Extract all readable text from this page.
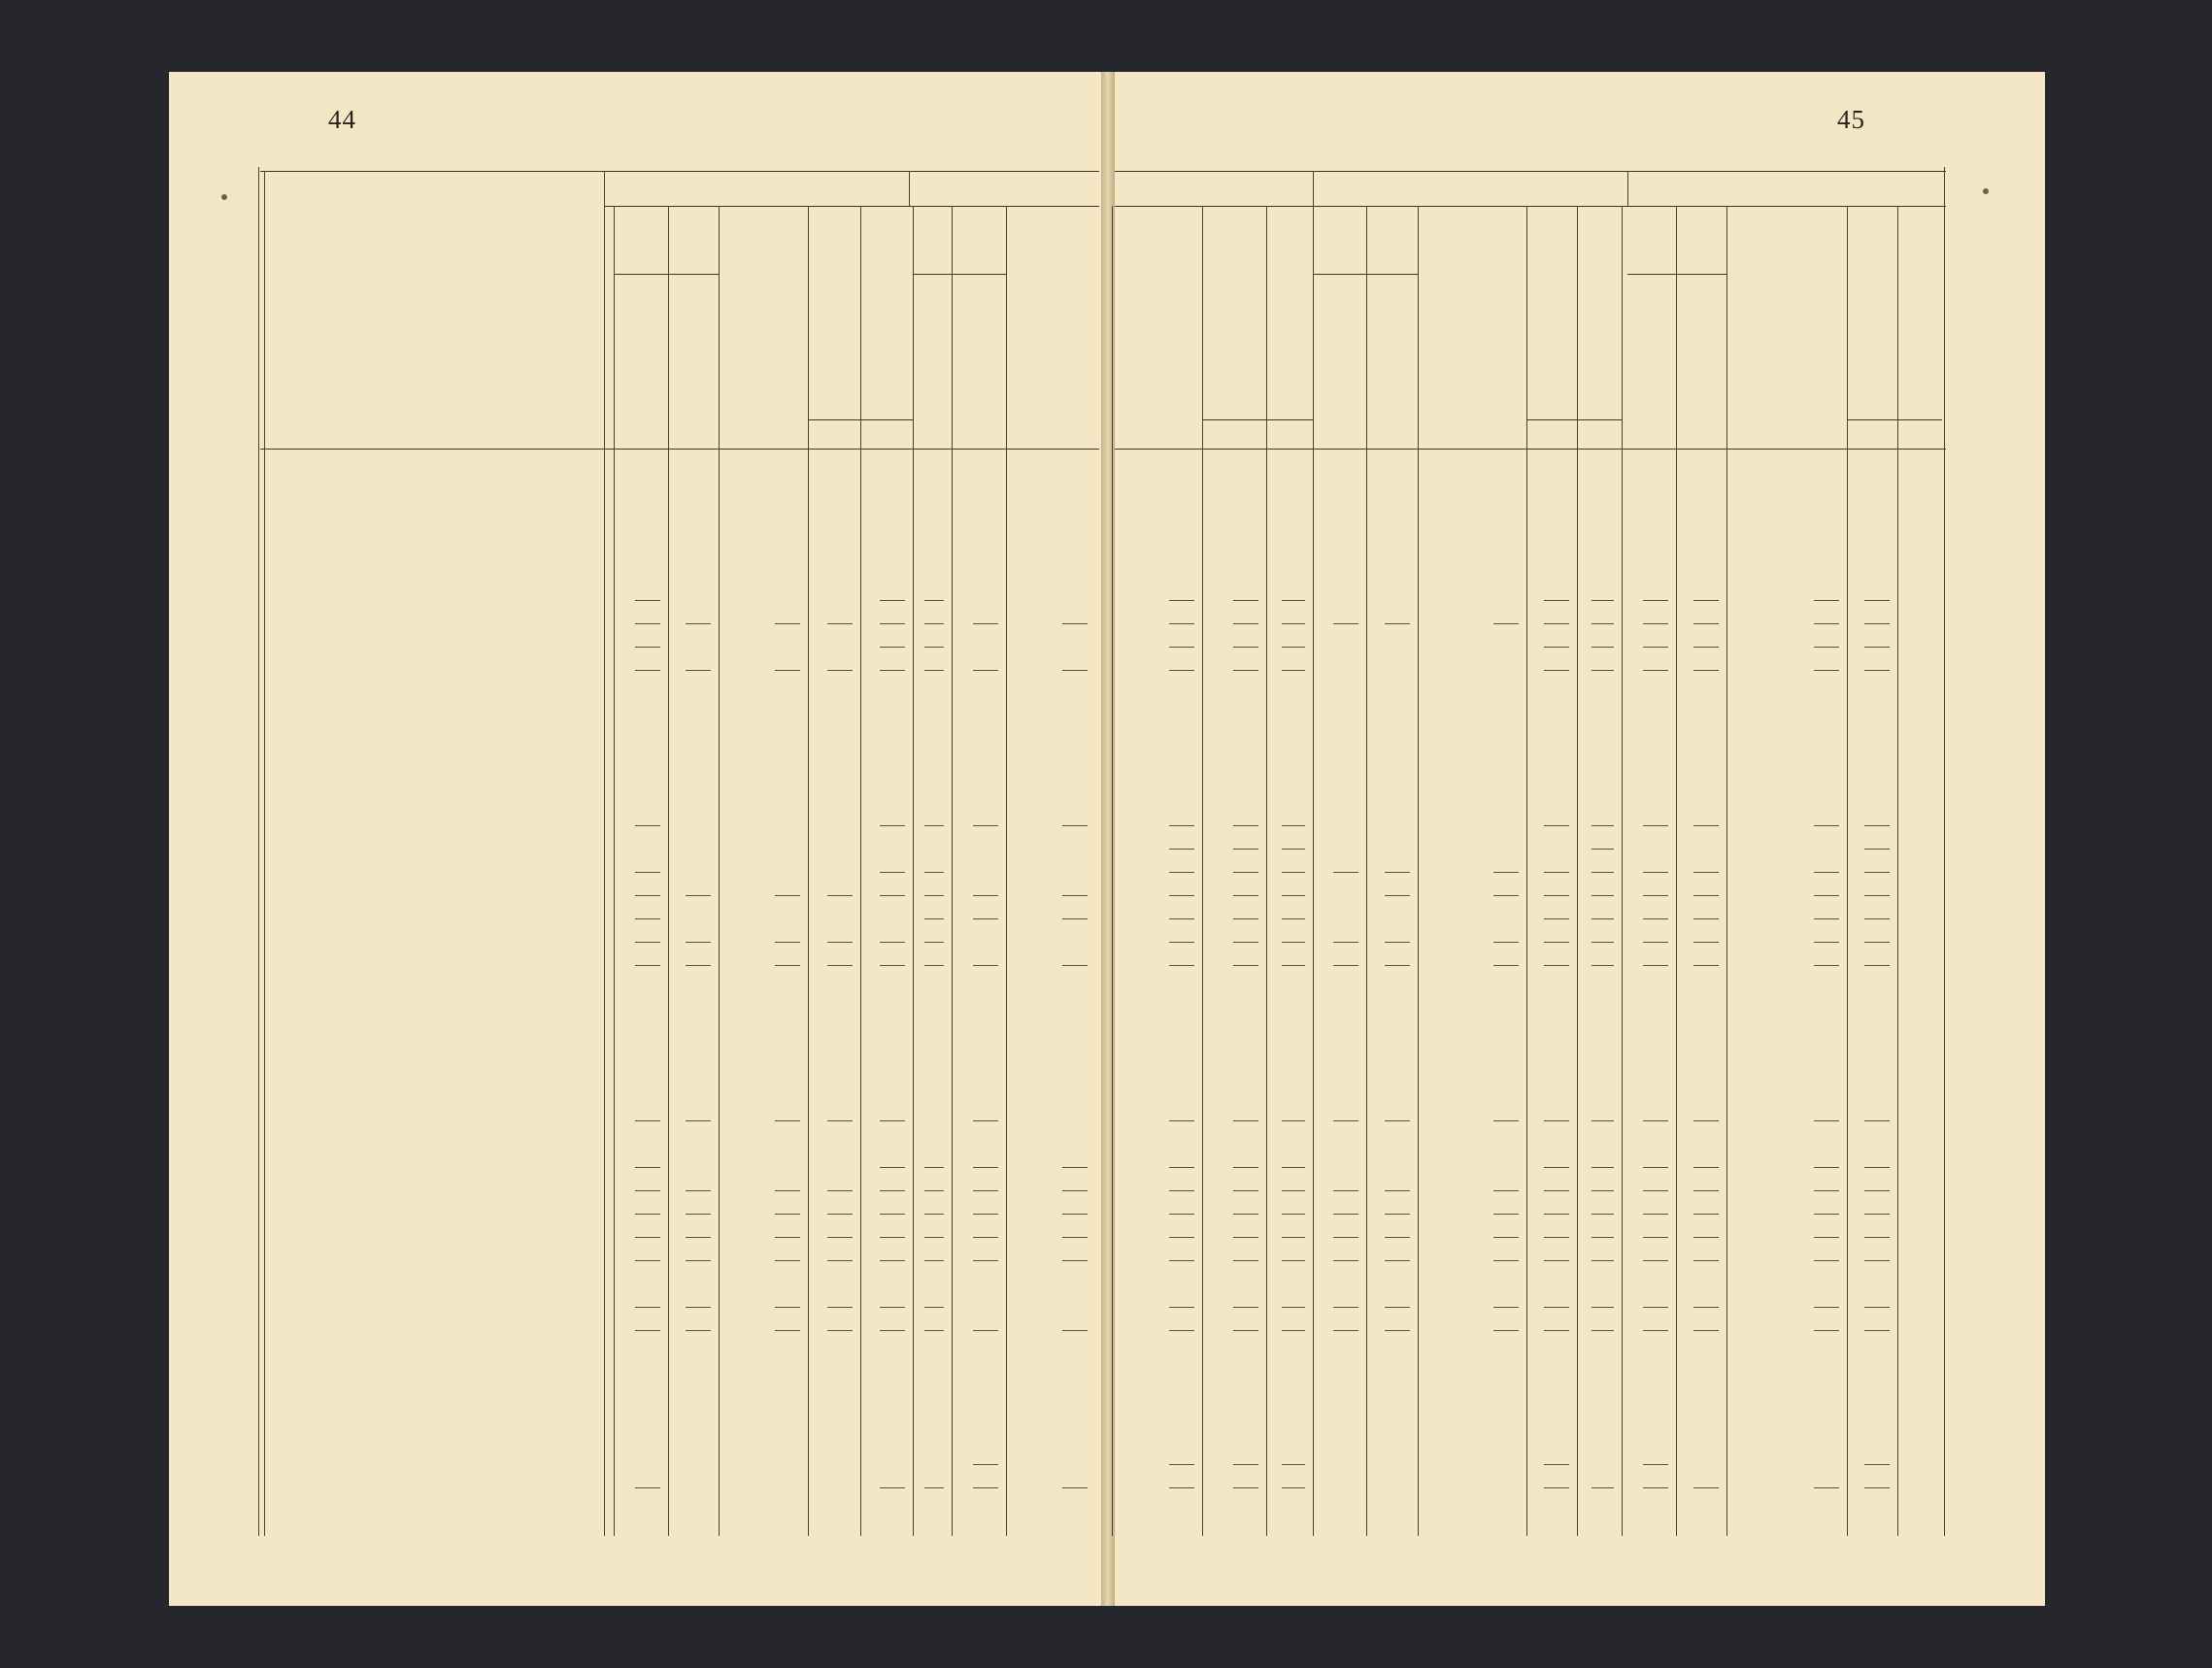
44	45
